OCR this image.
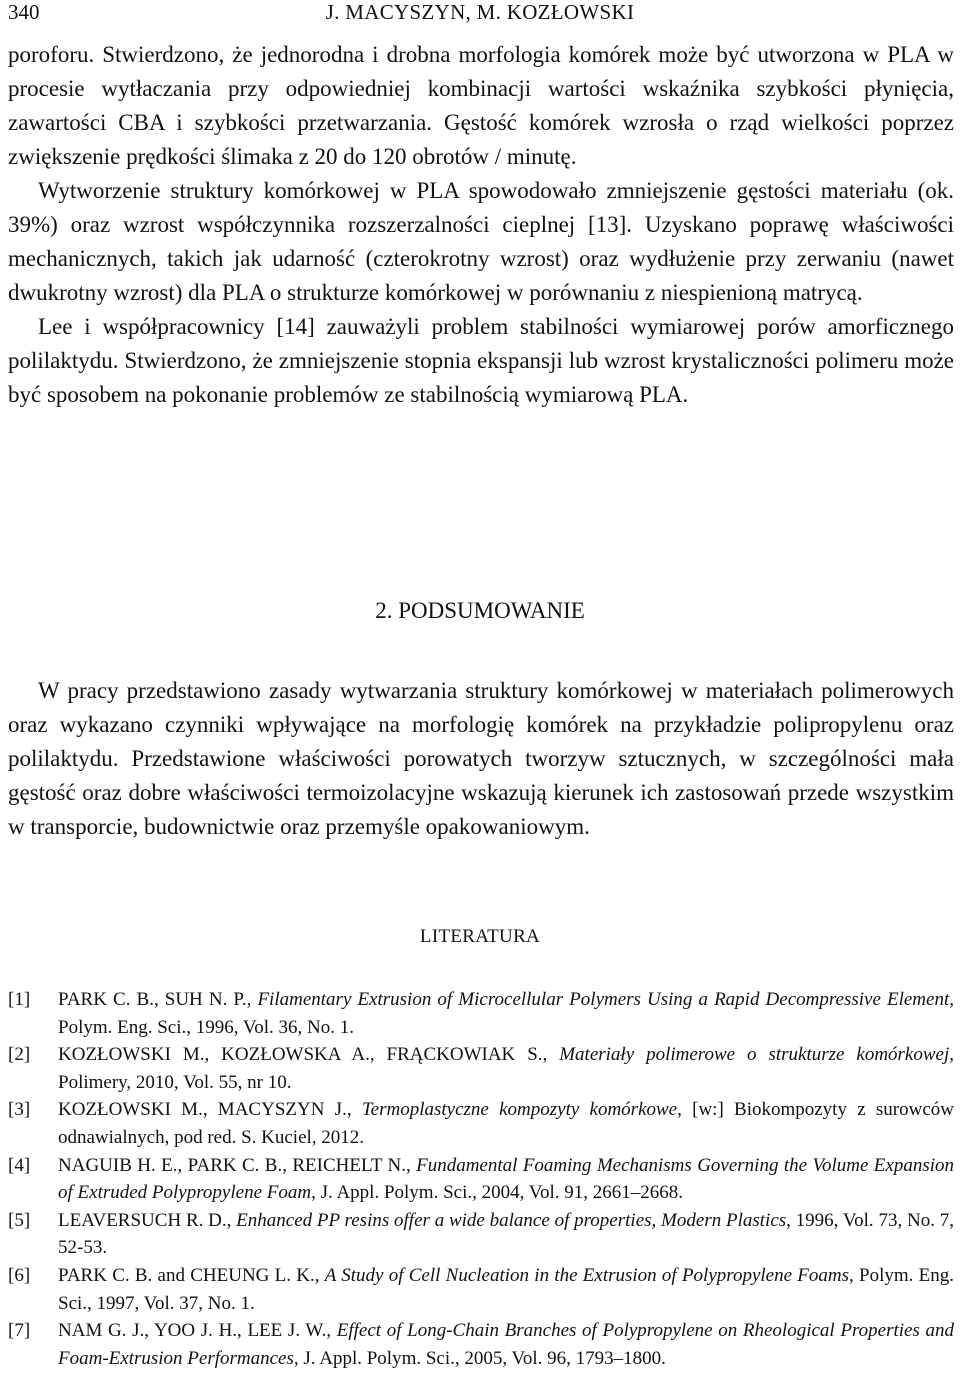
340	J. MACYSZYN, M. KOZŁOWSKI

poroforu. Stwierdzono, że jednorodna i drobna morfologia komórek może być utworzona w PLA w procesie wytłaczania przy odpowiedniej kombinacji wartości wskaźnika szybkości płynięcia, zawartości CBA i szybkości przetwarzania. Gęstość komórek wzrosła o rząd wielkości poprzez zwiększenie prędkości ślimaka z 20 do 120 obrotów / minutę.

Wytworzenie struktury komórkowej w PLA spowodowało zmniejszenie gęstości materiału (ok. 39%) oraz wzrost współczynnika rozszerzalności cieplnej [13]. Uzyskano poprawę właściwości mechanicznych, takich jak udarność (czterokrotny wzrost) oraz wydłużenie przy zerwaniu (nawet dwukrotny wzrost) dla PLA o strukturze komórkowej w porównaniu z niespienioną matrycą.

Lee i współpracownicy [14] zauważyli problem stabilności wymiarowej porów amorficznego polilaktydu. Stwierdzono, że zmniejszenie stopnia ekspansji lub wzrost krystaliczności polimeru może być sposobem na pokonanie problemów ze stabilnością wymiarową PLA.

2. PODSUMOWANIE

W pracy przedstawiono zasady wytwarzania struktury komórkowej w materiałach polimerowych oraz wykazano czynniki wpływające na morfologię komórek na przykładzie polipropylenu oraz polilaktydu. Przedstawione właściwości porowatych tworzyw sztucznych, w szczególności mała gęstość oraz dobre właściwości termoizolacyjne wskazują kierunek ich zastosowań przede wszystkim w transporcie, budownictwie oraz przemyśle opakowaniowym.

LITERATURA
[1] PARK C. B., SUH N. P., Filamentary Extrusion of Microcellular Polymers Using a Rapid Decompressive Element, Polym. Eng. Sci., 1996, Vol. 36, No. 1.
[2] KOZŁOWSKI M., KOZŁOWSKA A., FRĄCKOWIAK S., Materiały polimerowe o strukturze komórkowej, Polimery, 2010, Vol. 55, nr 10.
[3] KOZŁOWSKI M., MACYSZYN J., Termoplastyczne kompozyty komórkowe, [w:] Biokompozyty z surowców odnawialnych, pod red. S. Kuciel, 2012.
[4] NAGUIB H. E., PARK C. B., REICHELT N., Fundamental Foaming Mechanisms Governing the Volume Expansion of Extruded Polypropylene Foam, J. Appl. Polym. Sci., 2004, Vol. 91, 2661–2668.
[5] LEAVERSUCH R. D., Enhanced PP resins offer a wide balance of properties, Modern Plastics, 1996, Vol. 73, No. 7, 52-53.
[6] PARK C. B. and CHEUNG L. K., A Study of Cell Nucleation in the Extrusion of Polypropylene Foams, Polym. Eng. Sci., 1997, Vol. 37, No. 1.
[7] NAM G. J., YOO J. H., LEE J. W., Effect of Long-Chain Branches of Polypropylene on Rheological Properties and Foam-Extrusion Performances, J. Appl. Polym. Sci., 2005, Vol. 96, 1793–1800.
